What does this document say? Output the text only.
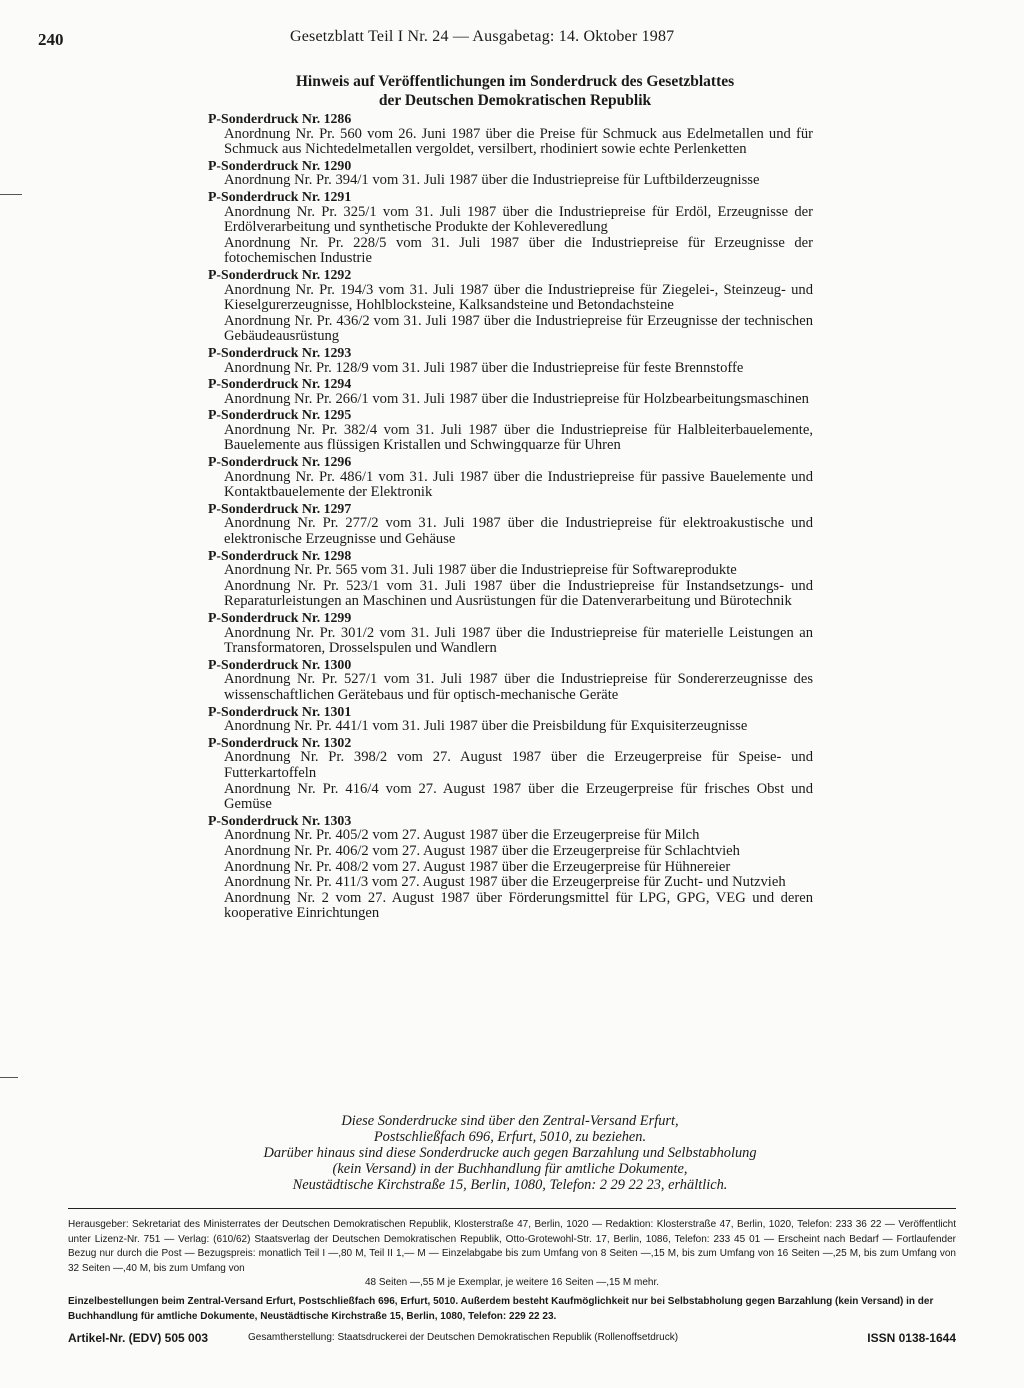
240	Gesetzblatt Teil I Nr. 24 — Ausgabetag: 14. Oktober 1987
Hinweis auf Veröffentlichungen im Sonderdruck des Gesetzblattes
der Deutschen Demokratischen Republik
P-Sonderdruck Nr. 1286
Anordnung Nr. Pr. 560 vom 26. Juni 1987 über die Preise für Schmuck aus Edelmetallen und für Schmuck aus Nichtedelmetallen vergoldet, versilbert, rhodiniert sowie echte Perlenketten
P-Sonderdruck Nr. 1290
Anordnung Nr. Pr. 394/1 vom 31. Juli 1987 über die Industriepreise für Luftbilderzeugnisse
P-Sonderdruck Nr. 1291
Anordnung Nr. Pr. 325/1 vom 31. Juli 1987 über die Industriepreise für Erdöl, Erzeugnisse der Erdölverarbeitung und synthetische Produkte der Kohleveredlung
Anordnung Nr. Pr. 228/5 vom 31. Juli 1987 über die Industriepreise für Erzeugnisse der fotochemischen Industrie
P-Sonderdruck Nr. 1292
Anordnung Nr. Pr. 194/3 vom 31. Juli 1987 über die Industriepreise für Ziegelei-, Steinzeug- und Kieselgurerzeugnisse, Hohlblocksteine, Kalksandsteine und Betondachsteine
Anordnung Nr. Pr. 436/2 vom 31. Juli 1987 über die Industriepreise für Erzeugnisse der technischen Gebäudeausrüstung
P-Sonderdruck Nr. 1293
Anordnung Nr. Pr. 128/9 vom 31. Juli 1987 über die Industriepreise für feste Brennstoffe
P-Sonderdruck Nr. 1294
Anordnung Nr. Pr. 266/1 vom 31. Juli 1987 über die Industriepreise für Holzbearbeitungsmaschinen
P-Sonderdruck Nr. 1295
Anordnung Nr. Pr. 382/4 vom 31. Juli 1987 über die Industriepreise für Halbleiterbauelemente, Bauelemente aus flüssigen Kristallen und Schwingquarze für Uhren
P-Sonderdruck Nr. 1296
Anordnung Nr. Pr. 486/1 vom 31. Juli 1987 über die Industriepreise für passive Bauelemente und Kontaktbauelemente der Elektronik
P-Sonderdruck Nr. 1297
Anordnung Nr. Pr. 277/2 vom 31. Juli 1987 über die Industriepreise für elektroakustische und elektronische Erzeugnisse und Gehäuse
P-Sonderdruck Nr. 1298
Anordnung Nr. Pr. 565 vom 31. Juli 1987 über die Industriepreise für Softwareprodukte
Anordnung Nr. Pr. 523/1 vom 31. Juli 1987 über die Industriepreise für Instandsetzungs- und Reparaturleistungen an Maschinen und Ausrüstungen für die Datenverarbeitung und Bürotechnik
P-Sonderdruck Nr. 1299
Anordnung Nr. Pr. 301/2 vom 31. Juli 1987 über die Industriepreise für materielle Leistungen an Transformatoren, Drosselspulen und Wandlern
P-Sonderdruck Nr. 1300
Anordnung Nr. Pr. 527/1 vom 31. Juli 1987 über die Industriepreise für Sondererzeugnisse des wissenschaftlichen Gerätebaus und für optisch-mechanische Geräte
P-Sonderdruck Nr. 1301
Anordnung Nr. Pr. 441/1 vom 31. Juli 1987 über die Preisbildung für Exquisiterzeugnisse
P-Sonderdruck Nr. 1302
Anordnung Nr. Pr. 398/2 vom 27. August 1987 über die Erzeugerpreise für Speise- und Futterkartoffeln
Anordnung Nr. Pr. 416/4 vom 27. August 1987 über die Erzeugerpreise für frisches Obst und Gemüse
P-Sonderdruck Nr. 1303
Anordnung Nr. Pr. 405/2 vom 27. August 1987 über die Erzeugerpreise für Milch
Anordnung Nr. Pr. 406/2 vom 27. August 1987 über die Erzeugerpreise für Schlachtvieh
Anordnung Nr. Pr. 408/2 vom 27. August 1987 über die Erzeugerpreise für Hühnereier
Anordnung Nr. Pr. 411/3 vom 27. August 1987 über die Erzeugerpreise für Zucht- und Nutzvieh
Anordnung Nr. 2 vom 27. August 1987 über Förderungsmittel für LPG, GPG, VEG und deren kooperative Einrichtungen
Diese Sonderdrucke sind über den Zentral-Versand Erfurt,
Postschließfach 696, Erfurt, 5010, zu beziehen.
Darüber hinaus sind diese Sonderdrucke auch gegen Barzahlung und Selbstabholung
(kein Versand) in der Buchhandlung für amtliche Dokumente,
Neustädtische Kirchstraße 15, Berlin, 1080, Telefon: 2 29 22 23, erhältlich.
Herausgeber: Sekretariat des Ministerrates der Deutschen Demokratischen Republik, Klosterstraße 47, Berlin, 1020 — Redaktion: Klosterstraße 47, Berlin, 1020, Telefon: 233 36 22 — Veröffentlicht unter Lizenz-Nr. 751 — Verlag: (610/62) Staatsverlag der Deutschen Demokratischen Republik, Otto-Grotewohl-Str. 17, Berlin, 1086, Telefon: 233 45 01 — Erscheint nach Bedarf — Fortlaufender Bezug nur durch die Post — Bezugspreis: monatlich Teil I —,80 M, Teil II 1,— M — Einzelabgabe bis zum Umfang von 8 Seiten —,15 M, bis zum Umfang von 16 Seiten —,25 M, bis zum Umfang von 32 Seiten —,40 M, bis zum Umfang von
48 Seiten —,55 M je Exemplar, je weitere 16 Seiten —,15 M mehr.
Einzelbestellungen beim Zentral-Versand Erfurt, Postschließfach 696, Erfurt, 5010. Außerdem besteht Kaufmöglichkeit nur bei Selbstabholung gegen Barzahlung (kein Versand) in der Buchhandlung für amtliche Dokumente, Neustädtische Kirchstraße 15, Berlin, 1080, Telefon: 229 22 23.
Artikel-Nr. (EDV) 505 003	Gesamtherstellung: Staatsdruckerei der Deutschen Demokratischen Republik (Rollenoffsetdruck)	ISSN 0138-1644
